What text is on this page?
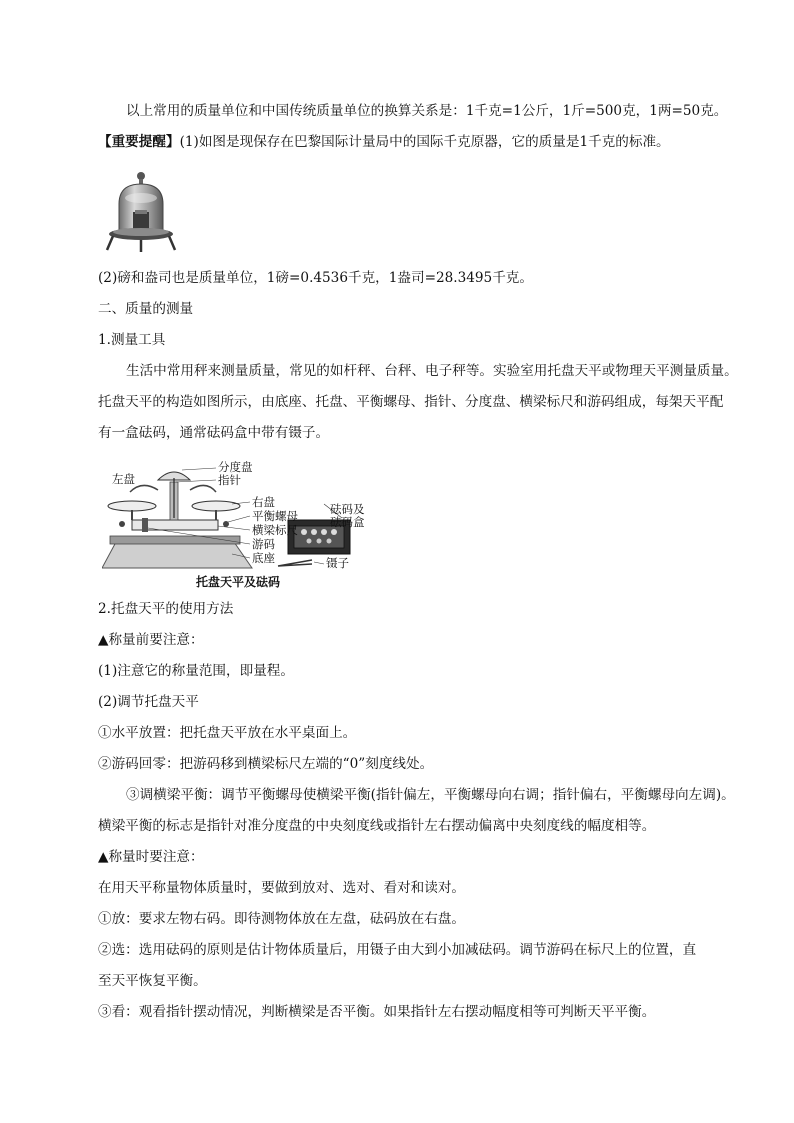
以上常用的质量单位和中国传统质量单位的换算关系是：1千克=1公斤，1斤=500克，1两=50克。
【重要提醒】(1)如图是现保存在巴黎国际计量局中的国际千克原器，它的质量是1千克的标准。
(2)磅和盎司也是质量单位，1磅=0.4536千克，1盎司=28.3495千克。
二、质量的测量
1.测量工具
生活中常用秤来测量质量，常见的如杆秤、台秤、电子秤等。实验室用托盘天平或物理天平测量质量。
托盘天平的构造如图所示，由底座、托盘、平衡螺母、指针、分度盘、横梁标尺和游码组成，每架天平配
有一盒砝码，通常砝码盒中带有镊子。
左盘
分度盘
指针
右盘
平衡螺母
横梁标尺
游码
底座
砝码及
砝码盒
镊子
托盘天平及砝码
2.托盘天平的使用方法
▲称量前要注意：
(1)注意它的称量范围，即量程。
(2)调节托盘天平
①水平放置：把托盘天平放在水平桌面上。
②游码回零：把游码移到横梁标尺左端的“0”刻度线处。
③调横梁平衡：调节平衡螺母使横梁平衡(指针偏左，平衡螺母向右调；指针偏右，平衡螺母向左调)。
横梁平衡的标志是指针对准分度盘的中央刻度线或指针左右摆动偏离中央刻度线的幅度相等。
▲称量时要注意：
在用天平称量物体质量时，要做到放对、选对、看对和读对。
①放：要求左物右码。即待测物体放在左盘，砝码放在右盘。
②选：选用砝码的原则是估计物体质量后，用镊子由大到小加减砝码。调节游码在标尺上的位置，直
至天平恢复平衡。
③看：观看指针摆动情况，判断横梁是否平衡。如果指针左右摆动幅度相等可判断天平平衡。
